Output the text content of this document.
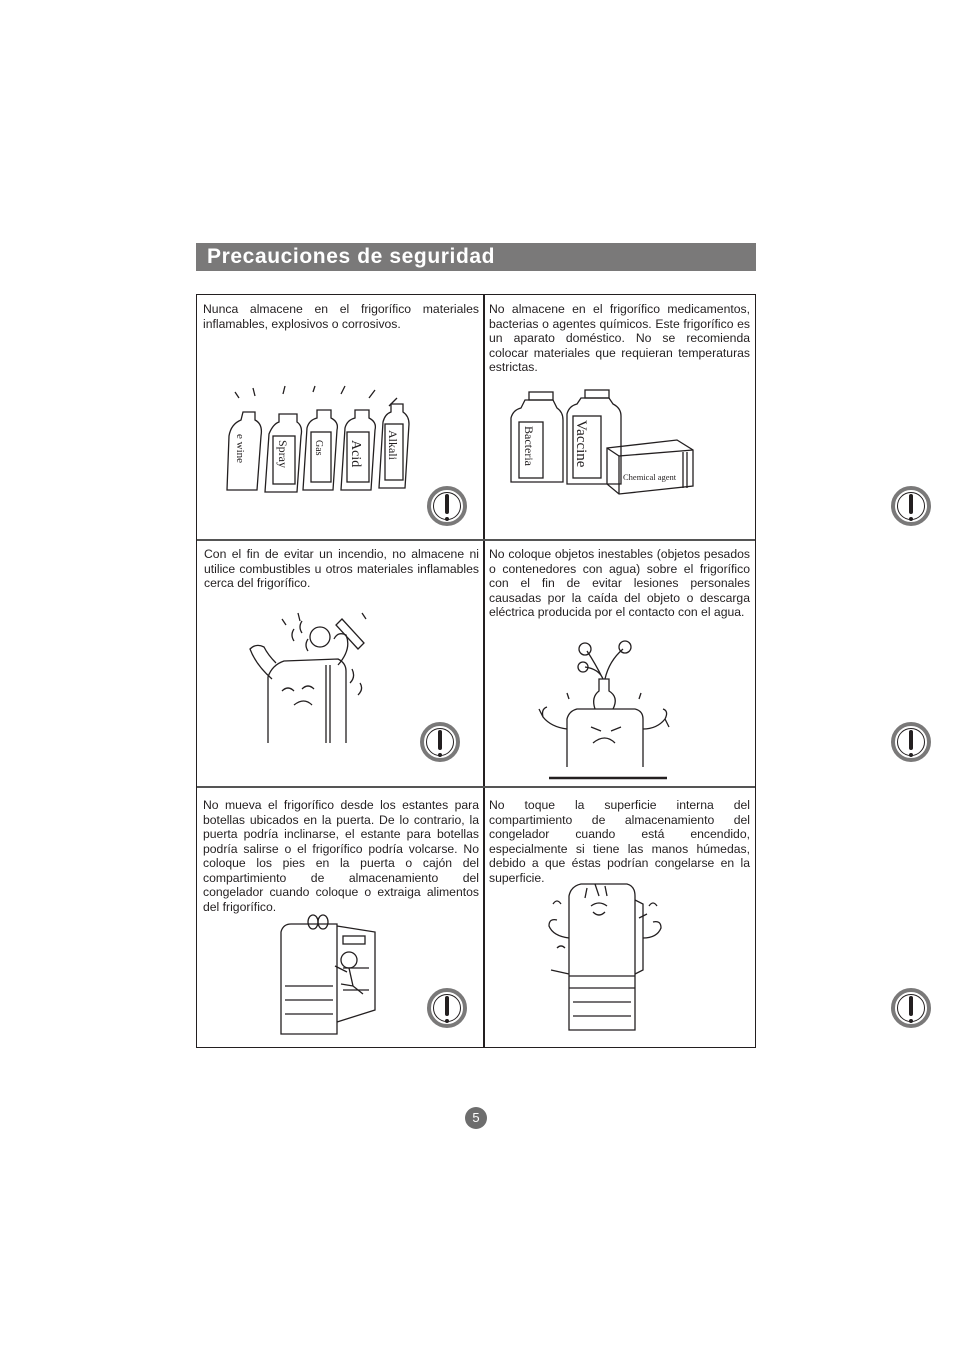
Precauciones de seguridad

Nunca almacene en el frigorífico materiales inflamables, explosivos o corrosivos.

e wine	Spray Gas Acid Alkali

No almacene en el frigorífico medicamentos, bacterias o agentes químicos. Este frigorífico es un aparato doméstico. No se recomienda colocar materiales que requieran temperaturas estrictas.

Bacteria Vaccine
Chemical agent

Con el fin de evitar un incendio, no almacene ni utilice combustibles u otros materiales inflamables cerca del frigorífico.

No coloque objetos inestables (objetos pesados o contenedores con agua) sobre el frigorífico con el fin de evitar lesiones personales causadas por la caída del objeto o descarga eléctrica producida por el contacto con el agua.

No mueva el frigorífico desde los estantes para botellas ubicados en la puerta. De lo contrario, la puerta podría inclinarse, el estante para botellas podría salirse o el frigorífico podría volcarse. No coloque los pies en la puerta o cajón del compartimiento de almacenamiento del congelador cuando coloque o extraiga alimentos del frigorífico.

No toque la superficie interna del compartimiento de almacenamiento del congelador cuando está encendido, especialmente si tiene las manos húmedas, debido a que éstas podrían congelarse en la superficie.

5
